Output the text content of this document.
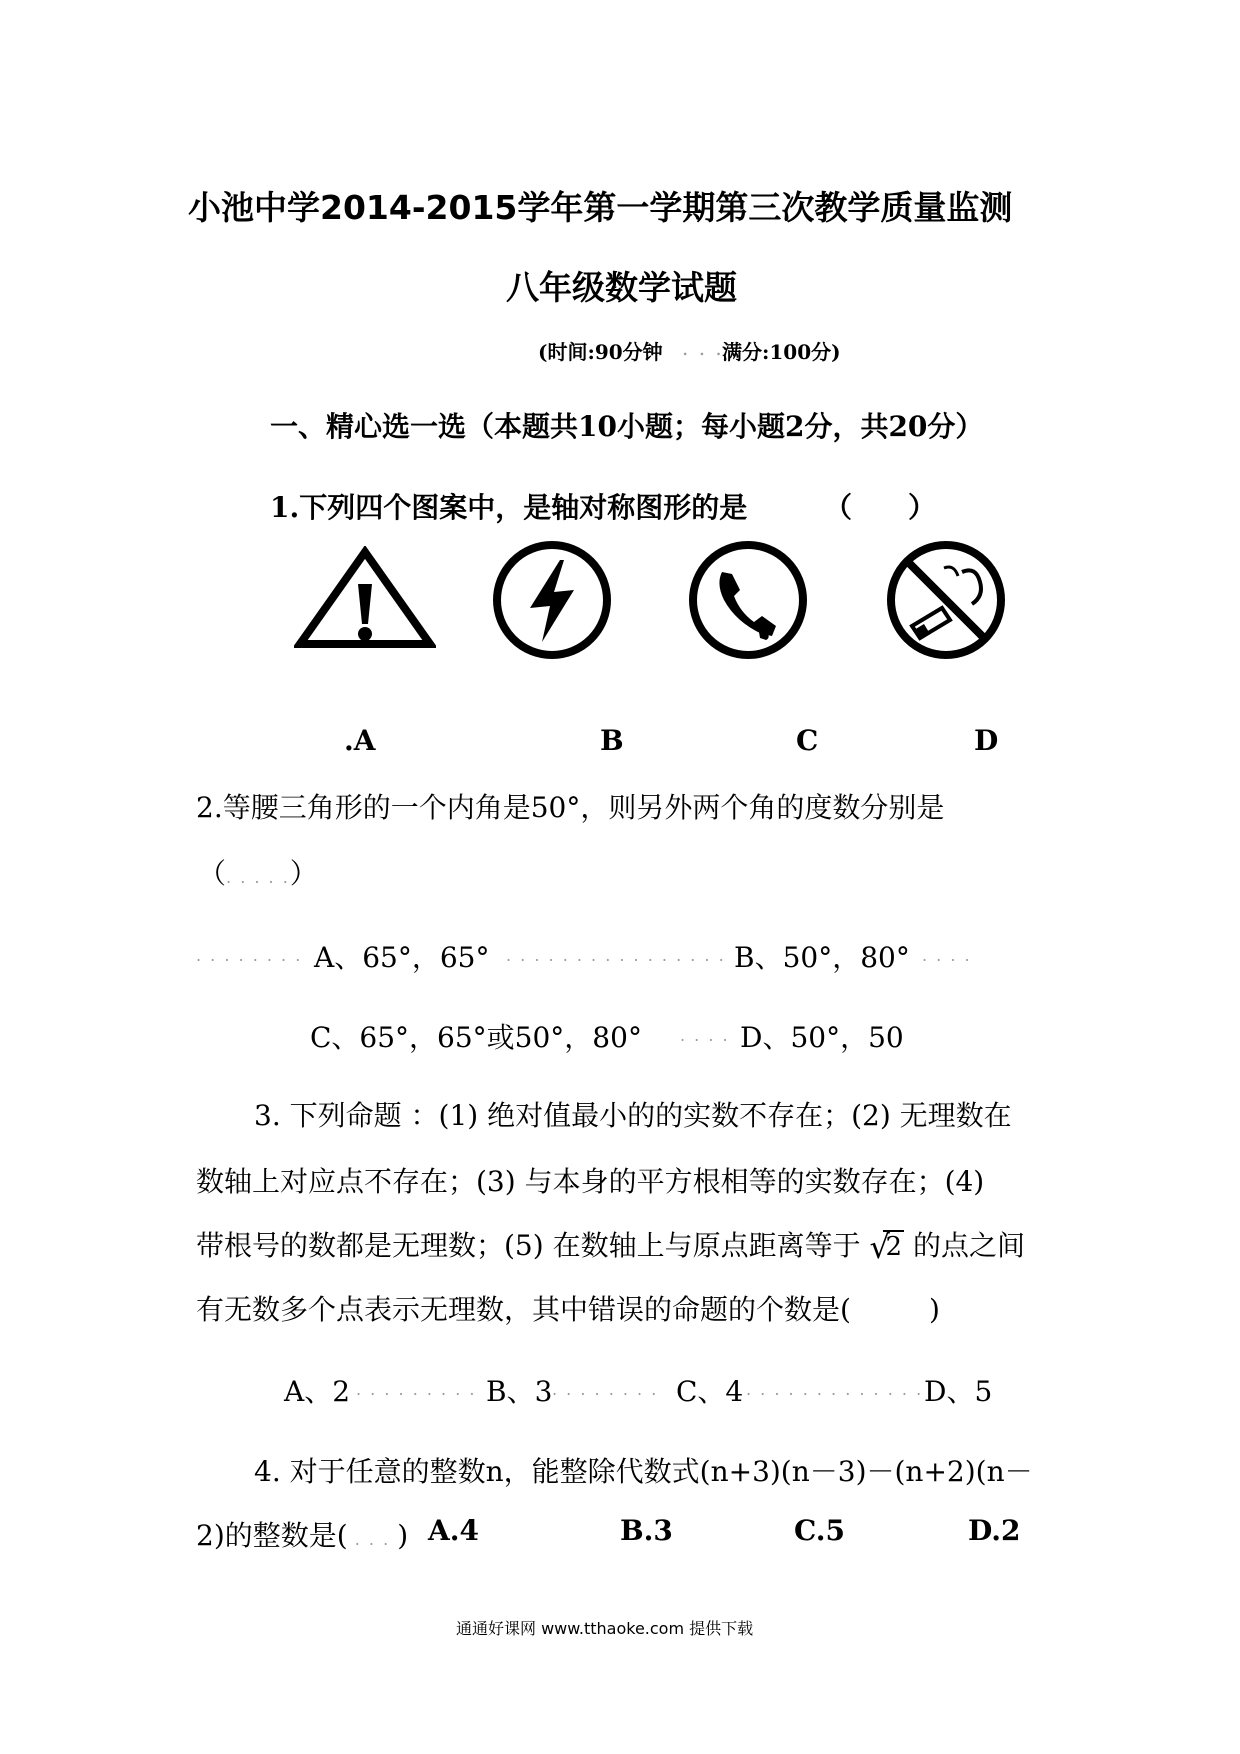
小池中学2014-2015学年第一学期第三次教学质量监测
八年级数学试题
(时间:90分钟 . . .
满分:100分)
一、精心选一选（本题共10小题；每小题2分，共20分）
1.下列四个图案中，是轴对称图形的是	（　　）
.A	B	C	D
2.等腰三角形的一个内角是50°，则另外两个角的度数分别是
（. . . . .）
. . . . . . . . A、65°，65° . . . . . . . . . . . . . . . . B、50°，80° . . . .
C、65°，65°或50°，80° . . . . D、50°，50
3. 下列命题 ：(1) 绝对值最小的的实数不存在；(2) 无理数在
数轴上对应点不存在；(3) 与本身的平方根相等的实数存在；(4)
带根号的数都是无理数；(5) 在数轴上与原点距离等于 √
2 的点之间
有无数多个点表示无理数，其中错误的命题的个数是(	)
A、2 . . . . . . . . . B、3 . . . . . . . . C、4 . . . . . . . . . . . . . D、5
4. 对于任意的整数n，能整除代数式(n+3)(n－3)－(n+2)(n－
2)的整数是( . . . ) A.4	B.3	C.5	D.2
通通好课网 www.tthaoke.com 提供下载
